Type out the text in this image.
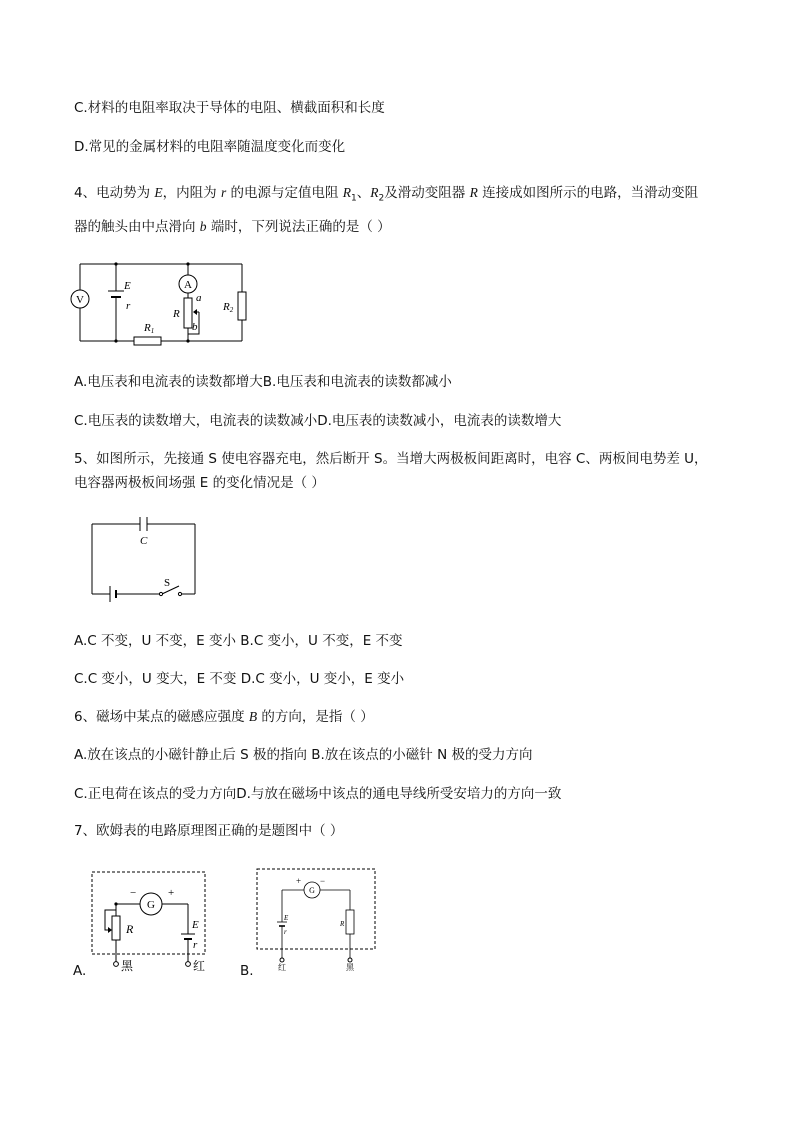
C.材料的电阻率取决于导体的电阻、横截面积和长度
D.常见的金属材料的电阻率随温度变化而变化
4、电动势为 E，内阻为 r 的电源与定值电阻 $R_1$、$R_2$及滑动变阻器 R 连接成如图所示的电路，当滑动变阻
器的触头由中点滑向 b 端时，下列说法正确的是（ ）
V
A
E
r
R1
R2
R
a
b
A.电压表和电流表的读数都增大B.电压表和电流表的读数都减小
C.电压表的读数增大，电流表的读数减小D.电压表的读数减小，电流表的读数增大
5、如图所示，先接通 S 使电容器充电，然后断开 S。当增大两极板间距离时，电容 C、两板间电势差 U，
电容器两极板间场强 E 的变化情况是（ ）
C
S
A.C 不变，U 不变，E 变小 B.C 变小，U 不变，E 不变
C.C 变小，U 变大，E 不变 D.C 变小，U 变小，E 变小
6、磁场中某点的磁感应强度 B 的方向，是指（ ）
A.放在该点的小磁针静止后 S 极的指向 B.放在该点的小磁针 N 极的受力方向
C.正电荷在该点的受力方向D.与放在磁场中该点的通电导线所受安培力的方向一致
7、欧姆表的电路原理图正确的是题图中（ ）
A.
G
−	+
R	E
r
黑	红	B.
G
+ −
E
r
R
红	黑
